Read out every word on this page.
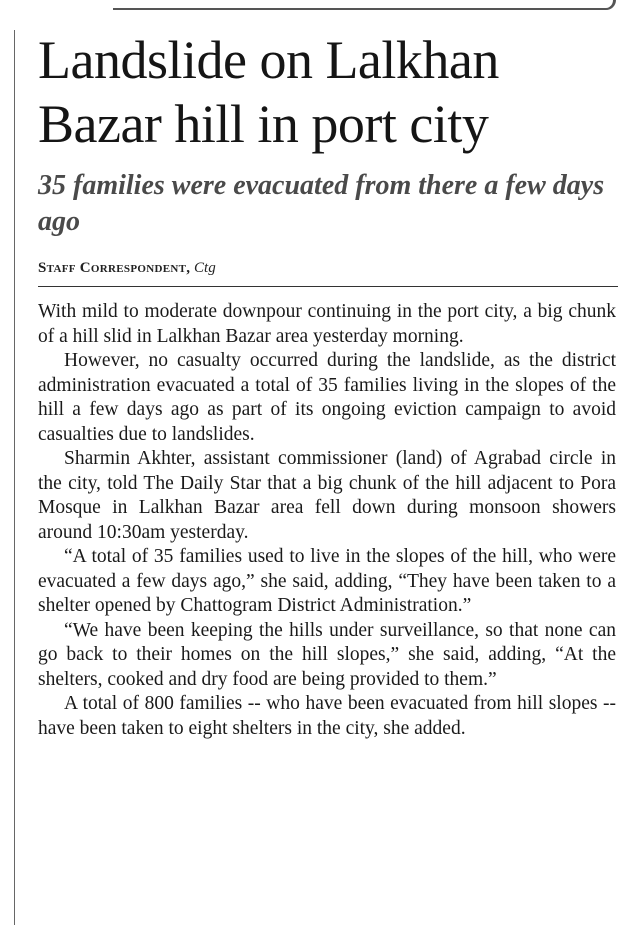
Landslide on Lalkhan Bazar hill in port city
35 families were evacuated from there a few days ago
Staff Correspondent, Ctg

With mild to moderate downpour continuing in the port city, a big chunk of a hill slid in Lalkhan Bazar area yesterday morning.

However, no casualty occurred during the landslide, as the district administration evacuated a total of 35 families living in the slopes of the hill a few days ago as part of its ongoing eviction campaign to avoid casualties due to landslides.

Sharmin Akhter, assistant commissioner (land) of Agrabad circle in the city, told The Daily Star that a big chunk of the hill adjacent to Pora Mosque in Lalkhan Bazar area fell down during monsoon showers around 10:30am yesterday.

“A total of 35 families used to live in the slopes of the hill, who were evacuated a few days ago,” she said, adding, “They have been taken to a shelter opened by Chattogram District Administration.”

“We have been keeping the hills under surveillance, so that none can go back to their homes on the hill slopes,” she said, adding, “At the shelters, cooked and dry food are being provided to them.”

A total of 800 families -- who have been evacuated from hill slopes -- have been taken to eight shelters in the city, she added.
